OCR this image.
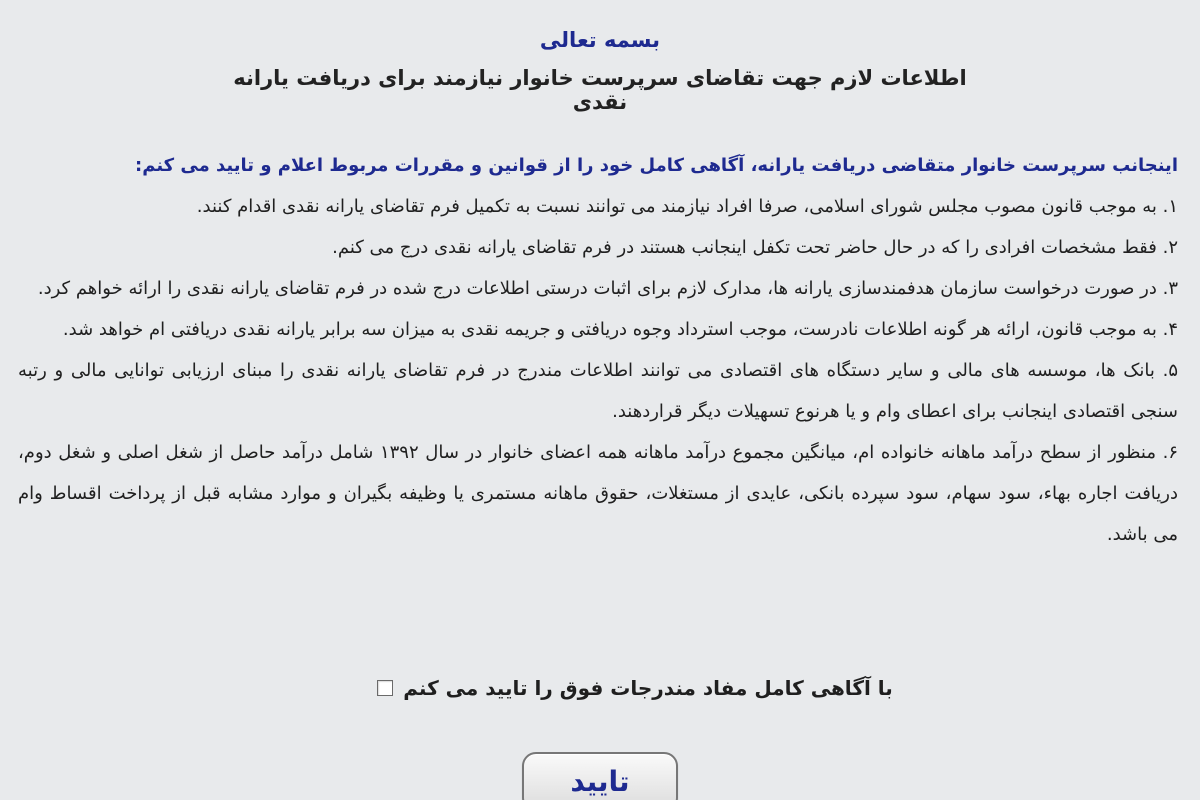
بسمه تعالی
اطلاعات لازم جهت تقاضای سرپرست خانوار نیازمند برای دریافت یارانه نقدی

اینجانب سرپرست خانوار متقاضی دریافت یارانه، آگاهی کامل خود را از قوانین و مقررات مربوط اعلام و تایید می کنم:

۱. به موجب قانون مصوب مجلس شورای اسلامی، صرفا افراد نیازمند می توانند نسبت به تکمیل فرم تقاضای یارانه نقدی اقدام کنند.

۲. فقط مشخصات افرادی را که در حال حاضر تحت تکفل اینجانب هستند در فرم تقاضای یارانه نقدی درج می کنم.

۳. در صورت درخواست سازمان هدفمندسازی یارانه ها، مدارک لازم برای اثبات درستی اطلاعات درج شده در فرم تقاضای یارانه نقدی را ارائه خواهم کرد.

۴. به موجب قانون، ارائه هر گونه اطلاعات نادرست، موجب استرداد وجوه دریافتی و جریمه نقدی به میزان سه برابر یارانه نقدی دریافتی ام خواهد شد.

۵. بانک ها، موسسه های مالی و سایر دستگاه های اقتصادی می توانند اطلاعات مندرج در فرم تقاضای یارانه نقدی را مبنای ارزیابی توانایی مالی و رتبه سنجی اقتصادی اینجانب برای اعطای وام و یا هرنوع تسهیلات دیگر قراردهند.

۶. منظور از سطح درآمد ماهانه خانواده ام، میانگین مجموع درآمد ماهانه همه اعضای خانوار در سال ۱۳۹۲ شامل درآمد حاصل از شغل اصلی و شغل دوم، دریافت اجاره بهاء، سود سهام، سود سپرده بانکی، عایدی از مستغلات، حقوق ماهانه مستمری یا وظیفه بگیران و موارد مشابه قبل از پرداخت اقساط وام می باشد.

با آگاهی کامل مفاد مندرجات فوق را تایید می کنم
تایید
